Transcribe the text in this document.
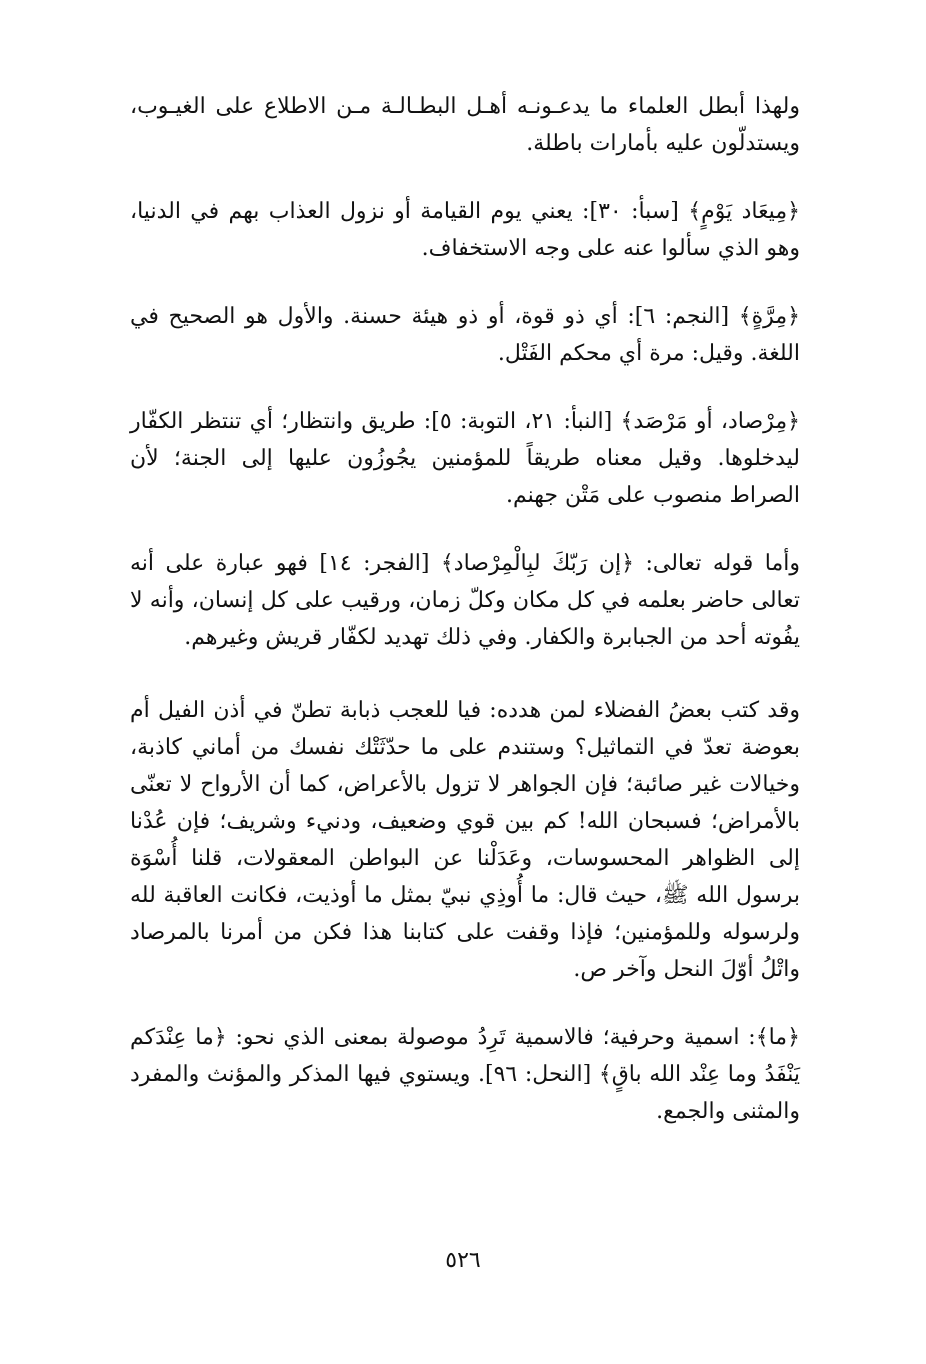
ولهذا أبطل العلماء ما يدعـونـه أهـل البطـالـة مـن الاطلاع على الغيـوب، ويستدلّون عليه بأمارات باطلة.

﴿مِيعَاد يَوْمٍ﴾ [سبأ: ٣٠]: يعني يوم القيامة أو نزول العذاب بهم في الدنيا، وهو الذي سألوا عنه على وجه الاستخفاف.

﴿مِرَّةٍ﴾ [النجم: ٦]: أي ذو قوة، أو ذو هيئة حسنة. والأول هو الصحيح في اللغة. وقيل: مرة أي محكم الفَتْل.

﴿مِرْصاد، أو مَرْصَد﴾ [النبأ: ٢١، التوبة: ٥]: طريق وانتظار؛ أي تنتظر الكفّار ليدخلوها. وقيل معناه طريقاً للمؤمنين يجُوزُون عليها إلى الجنة؛ لأن الصراط منصوب على مَتْن جهنم.

وأما قوله تعالى: ﴿إن رَبّكَ لبِالْمِرْصاد﴾ [الفجر: ١٤] فهو عبارة على أنه تعالى حاضر بعلمه في كل مكان وكلّ زمان، ورقيب على كل إنسان، وأنه لا يفُوته أحد من الجبابرة والكفار. وفي ذلك تهديد لكفّار قريش وغيرهم.

وقد كتب بعضُ الفضلاء لمن هدده: فيا للعجب ذبابة تطنّ في أذن الفيل أم بعوضة تعدّ في التماثيل؟ وستندم على ما حدّثَتْك نفسك من أماني كاذبة، وخيالات غير صائبة؛ فإن الجواهر لا تزول بالأعراض، كما أن الأرواح لا تعنّى بالأمراض؛ فسبحان الله! كم بين قوي وضعيف، ودنيء وشريف؛ فإن عُدْنا إلى الظواهر المحسوسات، وعَدَلْنا عن البواطن المعقولات، قلنا أُسْوَة برسول الله ﷺ، حيث قال: ما أُوذِي نبيّ بمثل ما أوذيت، فكانت العاقبة لله ولرسوله وللمؤمنين؛ فإذا وقفت على كتابنا هذا فكن من أمرنا بالمرصاد واتْلُ أوّلَ النحل وآخر ص.

﴿ما﴾: اسمية وحرفية؛ فالاسمية تَرِدُ موصولة بمعنى الذي نحو: ﴿ما عِنْدَكم يَنْفَدُ وما عِنْد الله باقٍ﴾ [النحل: ٩٦]. ويستوي فيها المذكر والمؤنث والمفرد والمثنى والجمع.

٥٢٦
